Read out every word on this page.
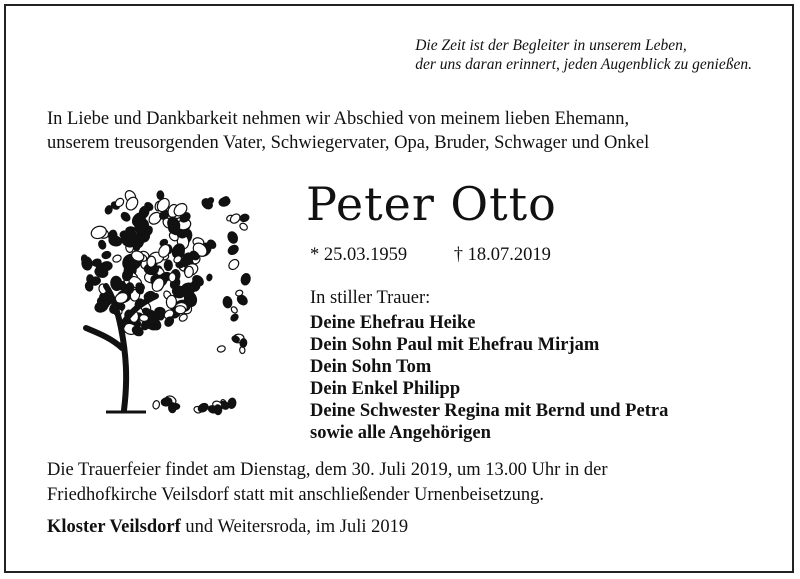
Die Zeit ist der Begleiter in unserem Leben,
der uns daran erinnert, jeden Augenblick zu genießen.
In Liebe und Dankbarkeit nehmen wir Abschied von meinem lieben Ehemann,
unserem treusorgenden Vater, Schwiegervater, Opa, Bruder, Schwager und Onkel
Peter Otto
* 25.03.1959	† 18.07.2019
In stiller Trauer:
Deine Ehefrau Heike
Dein Sohn Paul mit Ehefrau Mirjam
Dein Sohn Tom
Dein Enkel Philipp
Deine Schwester Regina mit Bernd und Petra
sowie alle Angehörigen
Die Trauerfeier findet am Dienstag, dem 30. Juli 2019, um 13.00 Uhr in der
Friedhofkirche Veilsdorf statt mit anschließender Urnenbeisetzung.
Kloster Veilsdorf und Weitersroda, im Juli 2019
